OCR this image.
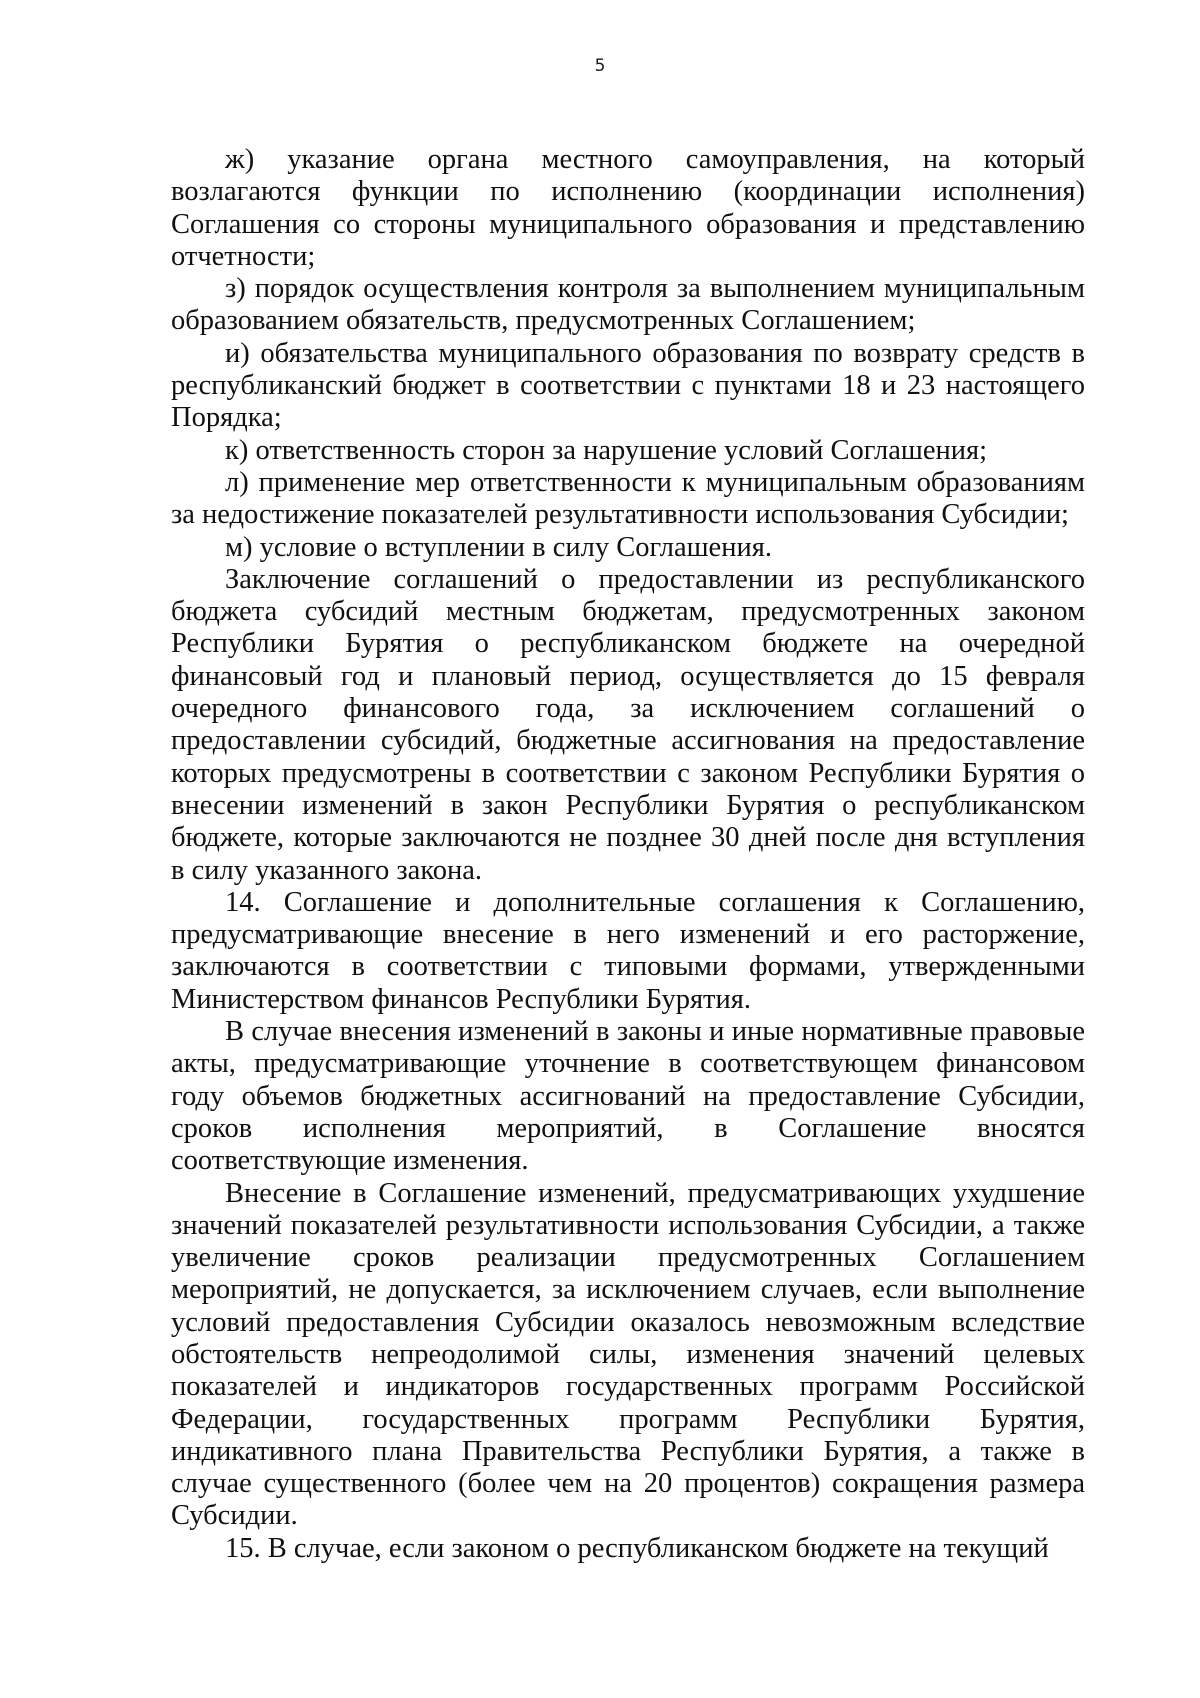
5

ж) указание органа местного самоуправления, на который возлагаются функции по исполнению (координации исполнения) Соглашения со стороны муниципального образования и представлению отчетности;

з) порядок осуществления контроля за выполнением муниципальным образованием обязательств, предусмотренных Соглашением;

и) обязательства муниципального образования по возврату средств в республиканский бюджет в соответствии с пунктами 18 и 23 настоящего Порядка;

к) ответственность сторон за нарушение условий Соглашения;

л) применение мер ответственности к муниципальным образованиям за недостижение показателей результативности использования Субсидии;

м) условие о вступлении в силу Соглашения.

Заключение соглашений о предоставлении из республиканского бюджета субсидий местным бюджетам, предусмотренных законом Республики Бурятия о республиканском бюджете на очередной финансовый год и плановый период, осуществляется до 15 февраля очередного финансового года, за исключением соглашений о предоставлении субсидий, бюджетные ассигнования на предоставление которых предусмотрены в соответствии с законом Республики Бурятия о внесении изменений в закон Республики Бурятия о республиканском бюджете, которые заключаются не позднее 30 дней после дня вступления в силу указанного закона.

14. Соглашение и дополнительные соглашения к Соглашению, предусматривающие внесение в него изменений и его расторжение, заключаются в соответствии с типовыми формами, утвержденными Министерством финансов Республики Бурятия.

В случае внесения изменений в законы и иные нормативные правовые акты, предусматривающие уточнение в соответствующем финансовом году объемов бюджетных ассигнований на предоставление Субсидии, сроков исполнения мероприятий, в Соглашение вносятся соответствующие изменения.

Внесение в Соглашение изменений, предусматривающих ухудшение значений показателей результативности использования Субсидии, а также увеличение сроков реализации предусмотренных Соглашением мероприятий, не допускается, за исключением случаев, если выполнение условий предоставления Субсидии оказалось невозможным вследствие обстоятельств непреодолимой силы, изменения значений целевых показателей и индикаторов государственных программ Российской Федерации, государственных программ Республики Бурятия, индикативного плана Правительства Республики Бурятия, а также в случае существенного (более чем на 20 процентов) сокращения размера Субсидии.

15. В случае, если законом о республиканском бюджете на текущий
